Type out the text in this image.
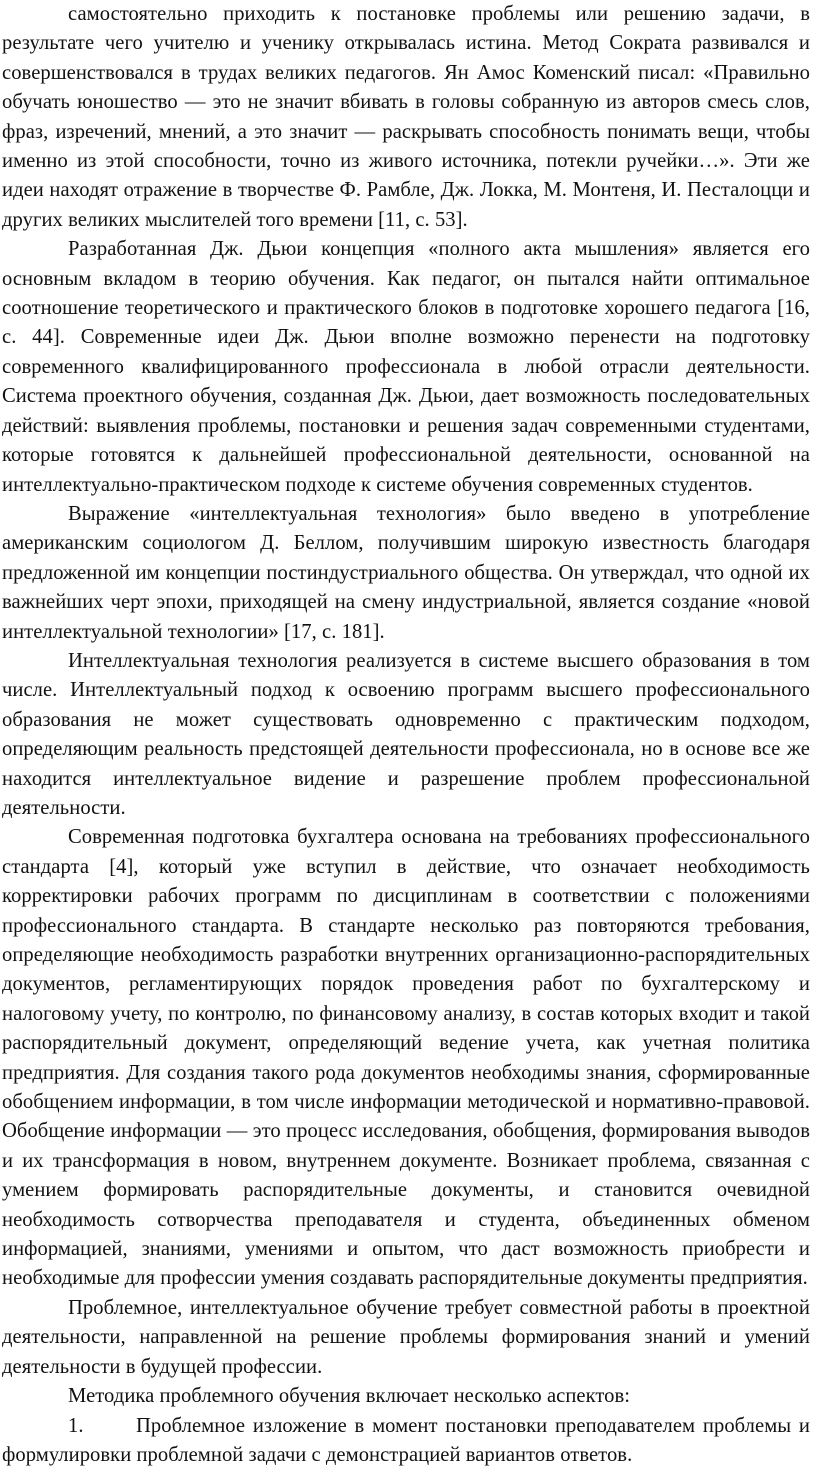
самостоятельно приходить к постановке проблемы или решению задачи, в результате чего учителю и ученику открывалась истина. Метод Сократа развивался и совершенствовался в трудах великих педагогов. Ян Амос Коменский писал: «Правильно обучать юношество — это не значит вбивать в головы собранную из авторов смесь слов, фраз, изречений, мнений, а это значит — раскрывать способность понимать вещи, чтобы именно из этой способности, точно из живого источника, потекли ручейки…». Эти же идеи находят отражение в творчестве Ф. Рамбле, Дж. Локка, М. Монтеня, И. Песталоцци и других великих мыслителей того времени [11, с. 53].

Разработанная Дж. Дьюи концепция «полного акта мышления» является его основным вкладом в теорию обучения. Как педагог, он пытался найти оптимальное соотношение теоретического и практического блоков в подготовке хорошего педагога [16, с. 44]. Современные идеи Дж. Дьюи вполне возможно перенести на подготовку современного квалифицированного профессионала в любой отрасли деятельности. Система проектного обучения, созданная Дж. Дьюи, дает возможность последовательных действий: выявления проблемы, постановки и решения задач современными студентами, которые готовятся к дальнейшей профессиональной деятельности, основанной на интеллектуально-практическом подходе к системе обучения современных студентов.

Выражение «интеллектуальная технология» было введено в употребление американским социологом Д. Беллом, получившим широкую известность благодаря предложенной им концепции постиндустриального общества. Он утверждал, что одной их важнейших черт эпохи, приходящей на смену индустриальной, является создание «новой интеллектуальной технологии» [17, с. 181].

Интеллектуальная технология реализуется в системе высшего образования в том числе. Интеллектуальный подход к освоению программ высшего профессионального образования не может существовать одновременно с практическим подходом, определяющим реальность предстоящей деятельности профессионала, но в основе все же находится интеллектуальное видение и разрешение проблем профессиональной деятельности.

Современная подготовка бухгалтера основана на требованиях профессионального стандарта [4], который уже вступил в действие, что означает необходимость корректировки рабочих программ по дисциплинам в соответствии с положениями профессионального стандарта. В стандарте несколько раз повторяются требования, определяющие необходимость разработки внутренних организационно-распорядительных документов, регламентирующих порядок проведения работ по бухгалтерскому и налоговому учету, по контролю, по финансовому анализу, в состав которых входит и такой распорядительный документ, определяющий ведение учета, как учетная политика предприятия. Для создания такого рода документов необходимы знания, сформированные обобщением информации, в том числе информации методической и нормативно-правовой. Обобщение информации — это процесс исследования, обобщения, формирования выводов и их трансформация в новом, внутреннем документе. Возникает проблема, связанная с умением формировать распорядительные документы, и становится очевидной необходимость сотворчества преподавателя и студента, объединенных обменом информацией, знаниями, умениями и опытом, что даст возможность приобрести и необходимые для профессии умения создавать распорядительные документы предприятия.

Проблемное, интеллектуальное обучение требует совместной работы в проектной деятельности, направленной на решение проблемы формирования знаний и умений деятельности в будущей профессии.

Методика проблемного обучения включает несколько аспектов:

1.	Проблемное изложение в момент постановки преподавателем проблемы и формулировки проблемной задачи с демонстрацией вариантов ответов.
